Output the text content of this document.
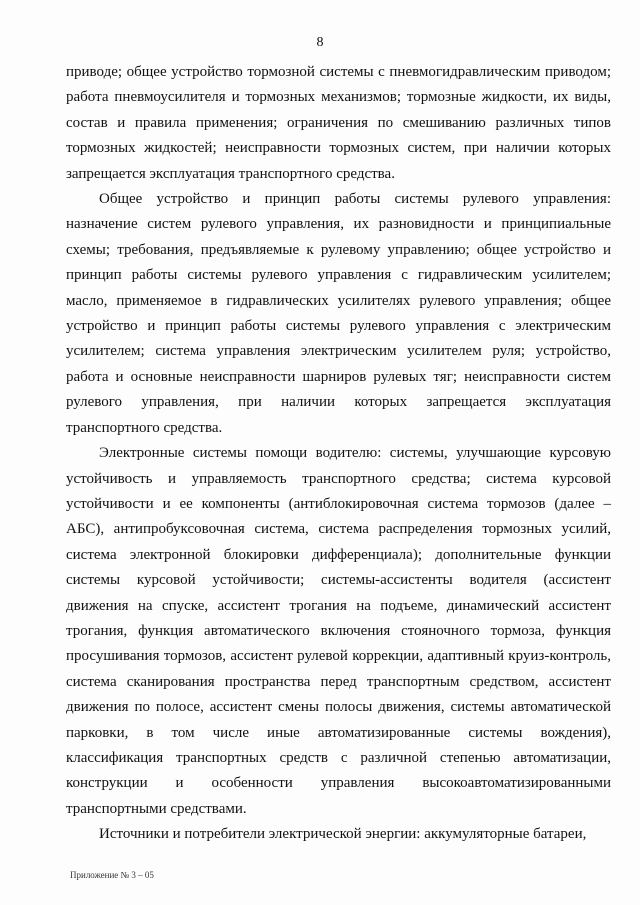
8

приводе; общее устройство тормозной системы с пневмогидравлическим приводом; работа пневмоусилителя и тормозных механизмов; тормозные жидкости, их виды, состав и правила применения; ограничения по смешиванию различных типов тормозных жидкостей; неисправности тормозных систем, при наличии которых запрещается эксплуатация транспортного средства.

Общее устройство и принцип работы системы рулевого управления: назначение систем рулевого управления, их разновидности и принципиальные схемы; требования, предъявляемые к рулевому управлению; общее устройство и принцип работы системы рулевого управления с гидравлическим усилителем; масло, применяемое в гидравлических усилителях рулевого управления; общее устройство и принцип работы системы рулевого управления с электрическим усилителем; система управления электрическим усилителем руля; устройство, работа и основные неисправности шарниров рулевых тяг; неисправности систем рулевого управления, при наличии которых запрещается эксплуатация транспортного средства.

Электронные системы помощи водителю: системы, улучшающие курсовую устойчивость и управляемость транспортного средства; система курсовой устойчивости и ее компоненты (антиблокировочная система тормозов (далее – АБС), антипробуксовочная система, система распределения тормозных усилий, система электронной блокировки дифференциала); дополнительные функции системы курсовой устойчивости; системы-ассистенты водителя (ассистент движения на спуске, ассистент трогания на подъеме, динамический ассистент трогания, функция автоматического включения стояночного тормоза, функция просушивания тормозов, ассистент рулевой коррекции, адаптивный круиз-контроль, система сканирования пространства перед транспортным средством, ассистент движения по полосе, ассистент смены полосы движения, системы автоматической парковки, в том числе иные автоматизированные системы вождения), классификация транспортных средств с различной степенью автоматизации, конструкции и особенности управления высокоавтоматизированными транспортными средствами.

Источники и потребители электрической энергии: аккумуляторные батареи,

Приложение № 3 – 05
